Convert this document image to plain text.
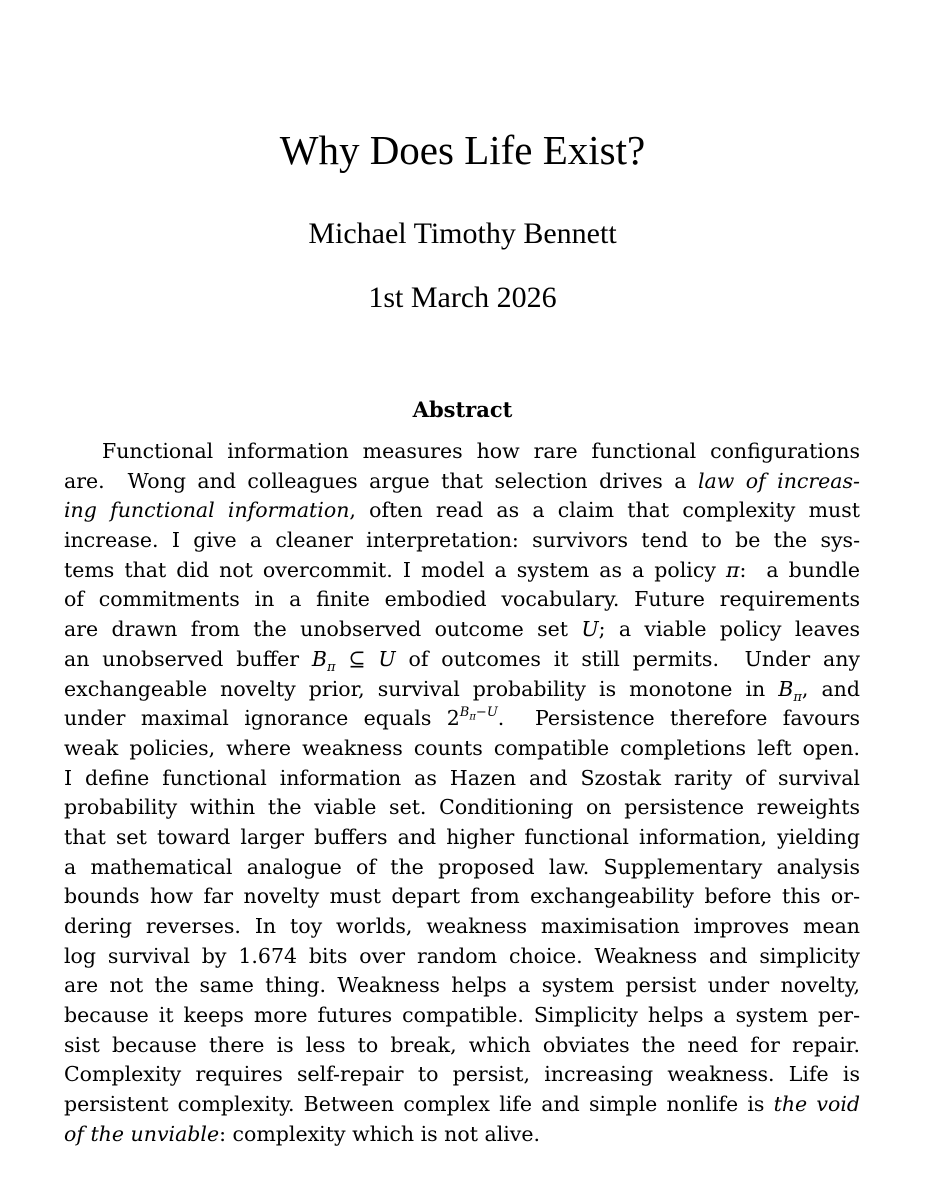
Why Does Life Exist?
Michael Timothy Bennett
1st March 2026
Abstract
Functional information measures how rare functional configurations
are.  Wong and colleagues argue that selection drives a law of increas-
ing functional information, often read as a claim that complexity must
increase. I give a cleaner interpretation: survivors tend to be the sys-
tems that did not overcommit. I model a system as a policy π:  a bundle
of commitments in a finite embodied vocabulary. Future requirements
are drawn from the unobserved outcome set U; a viable policy leaves
an unobserved buffer $B_\pi$ ⊆ U of outcomes it still permits.  Under any
exchangeable novelty prior, survival probability is monotone in $B_\pi$, and
under maximal ignorance equals $2^{B_\pi-U}$.  Persistence therefore favours
weak policies, where weakness counts compatible completions left open.
I define functional information as Hazen and Szostak rarity of survival
probability within the viable set. Conditioning on persistence reweights
that set toward larger buffers and higher functional information, yielding
a mathematical analogue of the proposed law. Supplementary analysis
bounds how far novelty must depart from exchangeability before this or-
dering reverses. In toy worlds, weakness maximisation improves mean
log survival by 1.674 bits over random choice. Weakness and simplicity
are not the same thing. Weakness helps a system persist under novelty,
because it keeps more futures compatible. Simplicity helps a system per-
sist because there is less to break, which obviates the need for repair.
Complexity requires self-repair to persist, increasing weakness. Life is
persistent complexity. Between complex life and simple nonlife is the void
of the unviable: complexity which is not alive.
